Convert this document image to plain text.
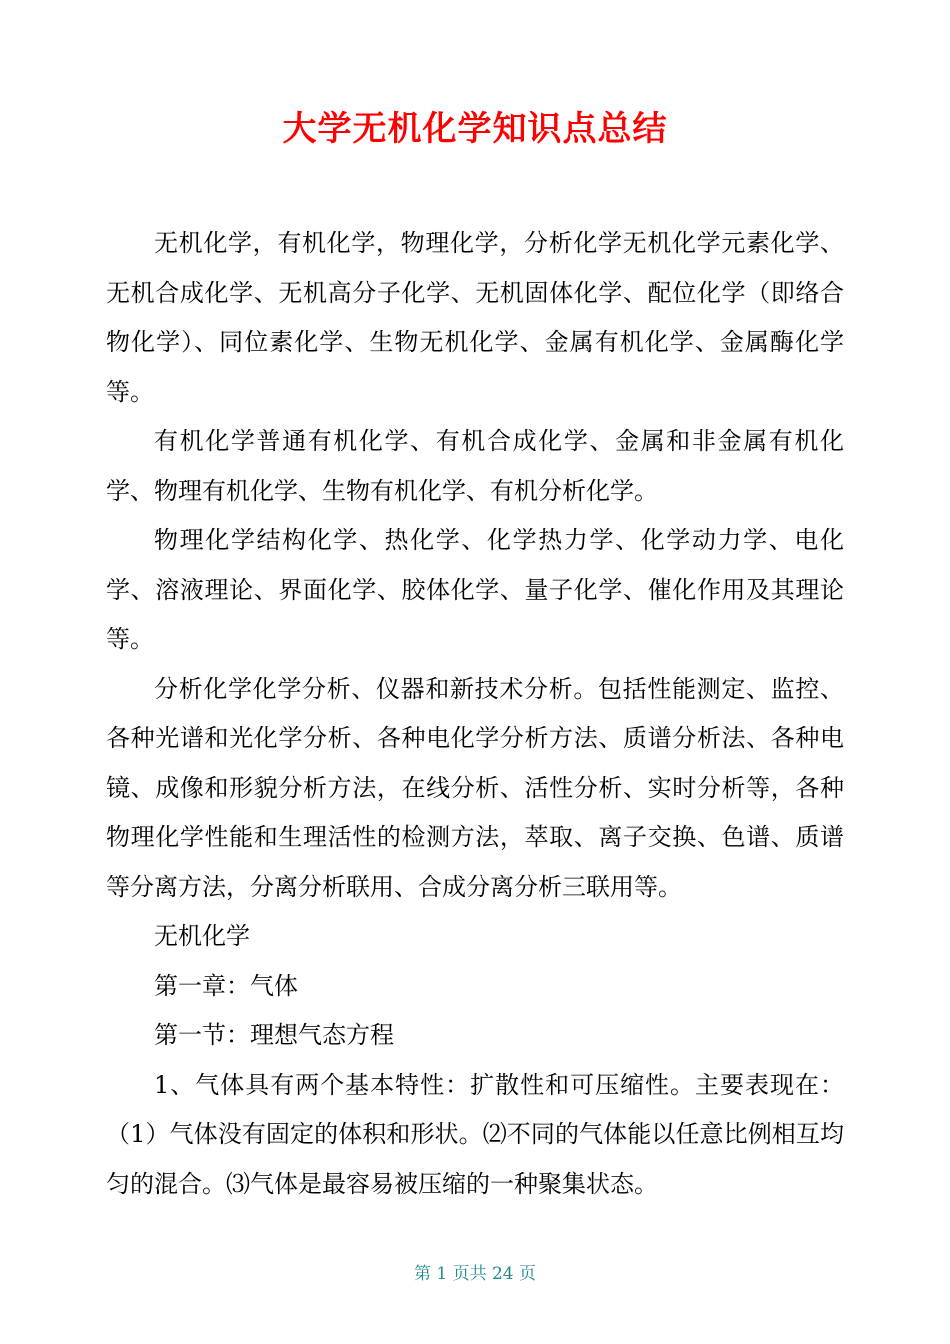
大学无机化学知识点总结

无机化学，有机化学，物理化学，分析化学无机化学元素化学、无机合成化学、无机高分子化学、无机固体化学、配位化学（即络合物化学）、同位素化学、生物无机化学、金属有机化学、金属酶化学等。

有机化学普通有机化学、有机合成化学、金属和非金属有机化学、物理有机化学、生物有机化学、有机分析化学。

物理化学结构化学、热化学、化学热力学、化学动力学、电化学、溶液理论、界面化学、胶体化学、量子化学、催化作用及其理论等。

分析化学化学分析、仪器和新技术分析。包括性能测定、监控、各种光谱和光化学分析、各种电化学分析方法、质谱分析法、各种电镜、成像和形貌分析方法，在线分析、活性分析、实时分析等，各种物理化学性能和生理活性的检测方法，萃取、离子交换、色谱、质谱等分离方法，分离分析联用、合成分离分析三联用等。

无机化学

第一章：气体

第一节：理想气态方程

1、气体具有两个基本特性：扩散性和可压缩性。主要表现在：（1）气体没有固定的体积和形状。⑵不同的气体能以任意比例相互均匀的混合。⑶气体是最容易被压缩的一种聚集状态。

第 1 页共 24 页
